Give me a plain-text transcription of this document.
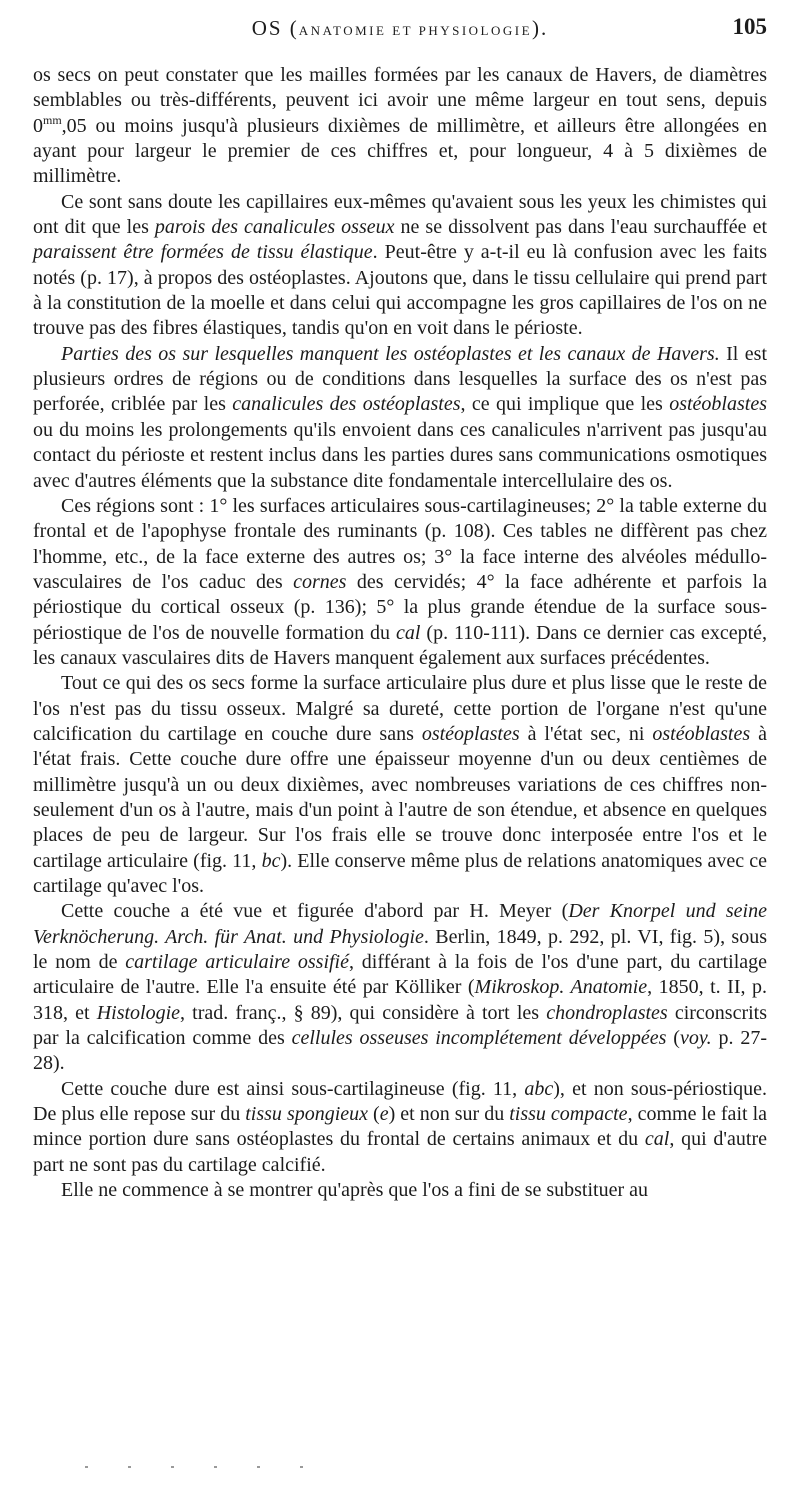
OS (ANATOMIE ET PHYSIOLOGIE).	105

os secs on peut constater que les mailles formées par les canaux de Havers, de diamètres semblables ou très-différents, peuvent ici avoir une même largeur en tout sens, depuis $0^{mm},05$ ou moins jusqu'à plusieurs dixièmes de millimètre, et ailleurs être allongées en ayant pour largeur le premier de ces chiffres et, pour longueur, 4 à 5 dixièmes de millimètre.

Ce sont sans doute les capillaires eux-mêmes qu'avaient sous les yeux les chimistes qui ont dit que les parois des canalicules osseux ne se dissolvent pas dans l'eau surchauffée et paraissent être formées de tissu élastique. Peut-être y a-t-il eu là confusion avec les faits notés (p. 17), à propos des ostéoplastes. Ajoutons que, dans le tissu cellulaire qui prend part à la constitution de la moelle et dans celui qui accompagne les gros capillaires de l'os on ne trouve pas des fibres élastiques, tandis qu'on en voit dans le périoste.

Parties des os sur lesquelles manquent les ostéoplastes et les canaux de Havers. Il est plusieurs ordres de régions ou de conditions dans lesquelles la surface des os n'est pas perforée, criblée par les canalicules des ostéoplastes, ce qui implique que les ostéoblastes ou du moins les prolongements qu'ils envoient dans ces canalicules n'arrivent pas jusqu'au contact du périoste et restent inclus dans les parties dures sans communications osmotiques avec d'autres éléments que la substance dite fondamentale intercellulaire des os.

Ces régions sont : 1° les surfaces articulaires sous-cartilagineuses; 2° la table externe du frontal et de l'apophyse frontale des ruminants (p. 108). Ces tables ne diffèrent pas chez l'homme, etc., de la face externe des autres os; 3° la face interne des alvéoles médullo-vasculaires de l'os caduc des cornes des cervidés; 4° la face adhérente et parfois la périostique du cortical osseux (p. 136); 5° la plus grande étendue de la surface sous-périostique de l'os de nouvelle formation du cal (p. 110-111). Dans ce dernier cas excepté, les canaux vasculaires dits de Havers manquent également aux surfaces précédentes.

Tout ce qui des os secs forme la surface articulaire plus dure et plus lisse que le reste de l'os n'est pas du tissu osseux. Malgré sa dureté, cette portion de l'organe n'est qu'une calcification du cartilage en couche dure sans ostéoplastes à l'état sec, ni ostéoblastes à l'état frais. Cette couche dure offre une épaisseur moyenne d'un ou deux centièmes de millimètre jusqu'à un ou deux dixièmes, avec nombreuses variations de ces chiffres non-seulement d'un os à l'autre, mais d'un point à l'autre de son étendue, et absence en quelques places de peu de largeur. Sur l'os frais elle se trouve donc interposée entre l'os et le cartilage articulaire (fig. 11, bc). Elle conserve même plus de relations anatomiques avec ce cartilage qu'avec l'os.

Cette couche a été vue et figurée d'abord par H. Meyer (Der Knorpel und seine Verknöcherung. Arch. für Anat. und Physiologie. Berlin, 1849, p. 292, pl. VI, fig. 5), sous le nom de cartilage articulaire ossifié, différant à la fois de l'os d'une part, du cartilage articulaire de l'autre. Elle l'a ensuite été par Kölliker (Mikroskop. Anatomie, 1850, t. II, p. 318, et Histologie, trad. franç., § 89), qui considère à tort les chondroplastes circonscrits par la calcification comme des cellules osseuses incomplétement développées (voy. p. 27-28).

Cette couche dure est ainsi sous-cartilagineuse (fig. 11, abc), et non sous-périostique. De plus elle repose sur du tissu spongieux (e) et non sur du tissu compacte, comme le fait la mince portion dure sans ostéoplastes du frontal de certains animaux et du cal, qui d'autre part ne sont pas du cartilage calcifié.

Elle ne commence à se montrer qu'après que l'os a fini de se substituer au
